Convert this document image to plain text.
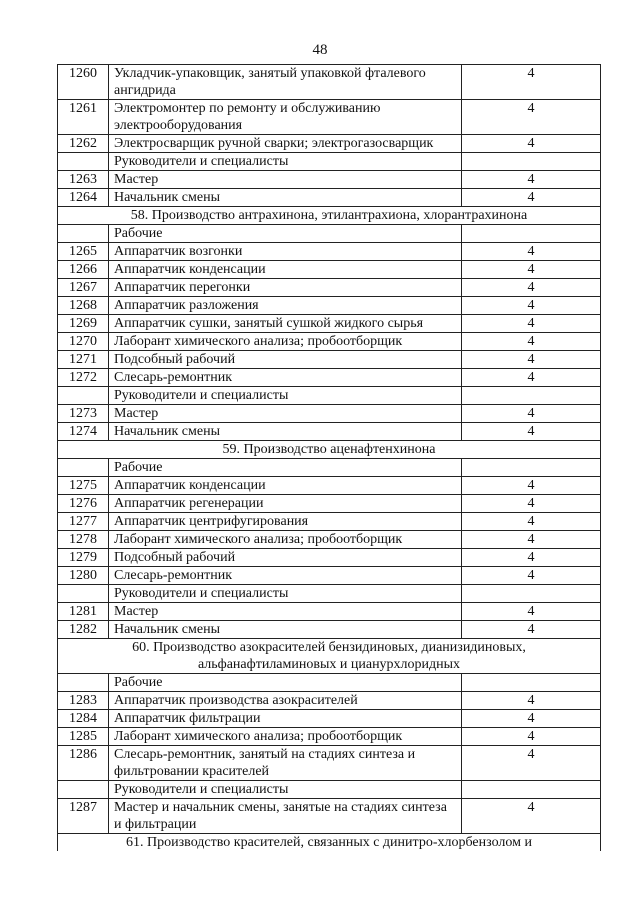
48
1260	Укладчик-упаковщик, занятый упаковкой фталевого ангидрида	4
1261	Электромонтер по ремонту и обслуживанию электрооборудования	4
1262	Электросварщик ручной сварки; электрогазосварщик	4
	Руководители и специалисты	
1263	Мастер	4
1264	Начальник смены	4
58. Производство антрахинона, этилантрахиона, хлорантрахинона		
	Рабочие	
1265	Аппаратчик возгонки	4
1266	Аппаратчик конденсации	4
1267	Аппаратчик перегонки	4
1268	Аппаратчик разложения	4
1269	Аппаратчик сушки, занятый сушкой жидкого сырья	4
1270	Лаборант химического анализа; пробоотборщик	4
1271	Подсобный рабочий	4
1272	Слесарь-ремонтник	4
	Руководители и специалисты	
1273	Мастер	4
1274	Начальник смены	4
59. Производство аценафтенхинона		
	Рабочие	
1275	Аппаратчик конденсации	4
1276	Аппаратчик регенерации	4
1277	Аппаратчик центрифугирования	4
1278	Лаборант химического анализа; пробоотборщик	4
1279	Подсобный рабочий	4
1280	Слесарь-ремонтник	4
	Руководители и специалисты	
1281	Мастер	4
1282	Начальник смены	4
60. Производство азокрасителей бензидиновых, дианизидиновых, альфанафтиламиновых и цианурхлоридных		
	Рабочие	
1283	Аппаратчик производства азокрасителей	4
1284	Аппаратчик фильтрации	4
1285	Лаборант химического анализа; пробоотборщик	4
1286	Слесарь-ремонтник, занятый на стадиях синтеза и фильтровании красителей	4
	Руководители и специалисты	
1287	Мастер и начальник смены, занятые на стадиях синтеза и фильтрации	4
61. Производство красителей, связанных с динитро-хлорбензолом и		
